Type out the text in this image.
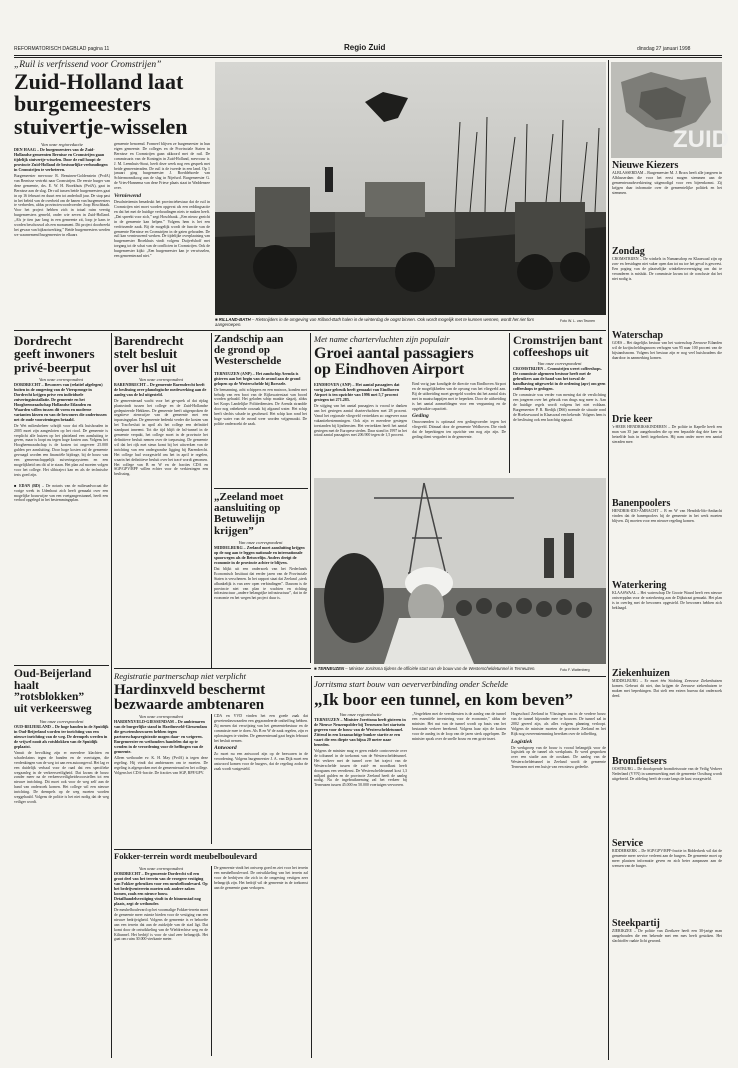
REFORMATORISCH DAGBLAD pagina 11	Regio Zuid	dinsdag 27 januari 1998
„Ruil is verfrissend voor Cromstrijen”
Zuid-Holland laat
burgemeesters
stuivertje-wisselen
Van onze regioredactie

DEN HAAG – De burgemeesters van de Zuid-Hollandse gemeenten Bernisse en Cromstrijen gaan tijdelijk stuivertje-wisselen. Door de ruil hoopt de provincie Zuid-Holland de bestuurlijke verhoudingen in Cromstrijen te verbeteren.

Burgemeester mevrouw R. Bezuinen-Goldenstein (PvdA) van Bernisse vertrekt naar Cromstrijen. De eerste burger van deze gemeente, drs. E. W. H. Broekhuis (PvdA), gaat in Bernisse aan de slag. De ruil tussen beide burgemeesters gaat in op 16 februari en duurt een tot anderhalf jaar. De stap past in het beleid van de overheid om de banen van burgemeesters te verbreden, aldus provinciewoordvoerder Joop Hoschbaak. Voor het project hebben zich in totaal ruim veertig burgemeesters gemeld, onder wie zeven in Zuid-Holland. „Als je tien jaar lang in een gemeente zit, loop je kans te worden beschouwd als een monument. Dit project doorbreekt het gevaar van bijknotwerking.” Beide burgemeesters werden we waarnemend burgemeester in elkaars

gemeente benoemd. Formeel blijven ze burgemeester in hun eigen gemeente. De colleges en de Provinciale Staten in Bernisse en Cromstrijen gaan akkoord met de ruil. De commissaris van de Koningin in Zuid-Holland, mevrouw ir. J. M. Leemhuis-Stout, heeft deze week nog een gesprek met beide gemeenteraden. De ruil is de tweede in een land. Op 1 januari ging burgemeester J. Boeddehoede van Schiermonnikoog aan de slag in Nijefurd. Burgemeester G. de Vries-Hannema van deze Friese plaats staat in Waddenzee over.

Verniewend

Desalniettemin benadrukt het provinciebestuur dat de ruil in Cromstrijen niet moet worden opgevat als een reddingsactie en dat het met de huidige verhoudingen niets te maken heeft. „Dat spreekt voor zich,” zegt Hoschbaak. „Een nieuw gezicht in de gemeente kan helpen.” Volgens hem is het een verfrissende zaak. Bij de mogelijk wordt de functie van de gemeente Bernisse en Cromstrijen in de gaten gehouden. De ruil kan vernieuwend werken. De tijdelijke overplaatsing van burgemeester Broekhuis vindt volgens Duijvelshoff met toegang tot de schat van de conflicten in Cromstrijen. Ook de burgemeester kijkt: „Een burgemeester kan je verwisselen, een gemeenteraad niet.”

■ RILLAND-BATH – Rietsnijders in de omgeving van Rilland-Bath halen in de winterdag de oogst binnen. Ook wordt mogelijk met te kunnen wennen, wordt het riet fors aangeroepen.
Foto W. L. van Teunen
ZUID
Nieuwe Kiezers

ALBLASSERDAM – Burgemeester M. J. Broos heeft alle jongeren in Alblasserdam die voor het eerst mogen stemmen aan de gemeenteraadsverkiezing uitgenodigd voor een bijeenkomst. Zij krijgen daar informatie over de gemeentelijke politiek en het stemmen.

Zondag

CROMSTRIJEN – De winkels in Numansdorp en Klaaswaal zijn op zon- en feestdagen niet vaker open dan tot nu toe het geval is geweest. Een poging van de plaatselijke winkeliersvereniging om dat te veranderen is mislukt. De commissie kwam tot de conclusie dat het niet nodig is.

Waterschap

GOES – Het dagelijks bestuur van het waterschap Zeeuwse Eilanden wil de kwijtscheldingsnorm verhogen van 95 naar 100 procent van de bijstandsnorm. Volgens het bestuur zijn er nog veel huishoudens die daardoor in aanmerking komen.

Drie keer

's-HEER HENDRIKSKINDEREN – De politie in Kapelle heeft een man van 35 jaar aangehouden die op een bepaalde dag drie keer in hetzelfde huis in heeft ingebroken. Hij nam onder meer een aantal sieraden mee.

Banenpoolers

HENDRIK-IDO-AMBACHT – B en W van Hendrik-Ido-Ambacht vinden dat de banenpoolers hij de gemeente in het werk moeten blijven. Zij moeten voor een nieuwe regeling komen.

Waterkering

KLAASWAAL – Het waterschap De Groote Waard heeft een nieuwe ontwerpplan voor de waterkering aan de Dijkstraat gemaakt. Het plan is in overleg met de bewoners opgesteld. De bewoners hebben zich beklaagd.

Ziekenhuizen

MIDDELBURG – Er moet één Stichting Zeeuwse Ziekenhuizen komen. Gebeurt dit niet, dan krijgen de Zeeuwse ziekenhuizen te maken met beperkingen. Dat stelt een extern bureau dat onderzoek deed.

Bromfietsers

OOSTBURG – De doorlopende bromfietsroute van de Veilig Verkeer Nederland (VVN) in samenwerking met de gemeente Oostburg wordt uitgebreid. De afdeling heeft de route langs de kust voorgesteld.

Service

RIDDERKERK – De SGP/GPV/RPF-fractie in Ridderkerk wil dat de gemeente meer service verleent aan de burgers. De gemeente moet op meer plaatsen informatie geven en zich beter aanpassen aan de wensen van de burger.

Steekpartij

ZIERIKZEE – De politie van Zierikzee heeft een 30-jarige man aangehouden die een bekende met een mes heeft gestoken. Het slachtoffer raakte licht gewond.

Dordrecht
geeft inwoners
privé-beerput
Van onze correspondent

DORDRECHT – Bewoners van (relatief afgelegen) buiten in de omgeving van de Vierspronge in Dordrecht krijgen prive een individuele zuiveringsinstallatie. De gemeente en het Hoogheemraadschap Hollandse Eilanden en Waarden willen tussen dit vorm en moderne varianten kiezen en van de bewoners die ondertussen net de oude voorzieningen betaald.

De Wet milieubeheer schrijft voor dat elk huishouden in 2005 moet zijn aangesloten op het riool. De gemeente is verplicht alle huizen op het platteland een aansluiting te geven, maar is loopt nu tegen hoge kosten aan. Volgens het Hoogheemraadschap is de kosten tot ongeveer 25.000 gulden per aansluiting. Door hoge kosten zal de gemeente gevraagd worden een financiële bijdrage, bij de bouw van een gemeenschappelijk zuiveringssysteem en een mogelijkheid om dit af te staan. Het plan zal moeten volgen voor het college. Het slibtraject kan en als de technische tests goed zijn.

■ EDAN (RD) – De notaris van de milieuadvocaat die vorige week in Udenhout zich heeft gemaakt over een mogelijke bouwwijze van een voetgangerstunnel, heeft een verbod opgelegd in het bestemmingsplan.

Barendrecht
stelt besluit
over hsl uit
Van onze correspondent

BARENDRECHT – De gemeente Barendrecht heeft de beslissing over planologische medewerking aan de aanleg van de hsl uitgesteld.

De gemeenteraad wacht voor het ge-sprek af dat rijdag plaatsvindt tussen het college en de Zuid-Hollandse gedeputeerde Hekkens. De gemeente heeft uitgesproken de negatieve zienswijze van de gemeente met een inpassingsplan. De gemeente bedenkt verder die kosten van het Trac/besluit in april als het college een definitief standpunt inneemt. Tot die tijd blijft de hsl-tunnel in de gemeente verpakt, het college moet in de provincie het definitieve besluit nemen over de toepassing. De gemeente wil dat het rijk met steun komt bij het uitwerken van de inrichting van een ondergrondse ligging bij Barendrecht. Het college had voorgesteld om het in april te regelen, waarin het definitieve besluit over het tracé wordt genomen. Het college van B en W en de fracties CDA en SGP/GPV/RPF willen echter voor de verkiezingen een beslissing.

Zandschip aan
de grond op
Westerschelde

TERNEUZEN (ANP) – Het zandschip Arenda is gisteren aan het begin van de avond aan de grond gelopen op de Westerschelde bij Borssele.

De bemanning, acht schippers en een matroos, konden met behulp van een boot van de Rijkswaterstaat van boord worden gehaald. Het geladen schip maakte slagzij, aldus het Korps Landelijke Politiediensten. De Arenda strandde door nog onbekende oorzaak bij afgaand water. Het schip heeft slechts schade in gescheurd. Het schip kon rond het hoge water van de avond weer worden vrijgemaakt. De politie onderzoekt de zaak.

„Zeeland moet
aansluiting op
Betuwelijn krijgen”
Van onze correspondent

MIDDELBURG – Zeeland moet aansluiting krijgen op de nog aan te leggen nationale en internationale spoorwegen als de Betuwelijn. Anders dreigt de economie in de provincie achter te blijven.

Dat blijkt uit een onderzoek van het Nederlands Economisch Instituut dat eerder jaren van de Provinciale Staten is verschenen. In het rapport staat dat Zeeland „sterk afhankelijk is van zeer open verbindingen”. Daarom is de provincie niet van plan te wachten en richting infrastructuur „andere belangrijke infrastructuur”, dat in de economie en het wegen het project duur is.

Met name chartervluchten zijn populair
Groei aantal passagiers
op Eindhoven Airport

EINDHOVEN (ANP) – Het aantal passagiers dat vorig jaar gebruik heeft gemaakt van Eindhoven Airport is ten opzichte van 1996 met 5,7 procent gestegen tot 271.285.

De stijging van het aantal passagiers is vooral te danken aan het gestegen aantal chartervluchten met 28 procent. Vanaf het regionale vliegveld vertrekken zo ongeveer naar vakantiebestemmingen. Ook zijn er meerdere gestegen toestanden bij lijndiensten. Het vertrekken heeft het aantal gestegen met de Europese steden. Daar stond in 1997 in het totaal aantal passagiers met 206.900 tegen de 1,5 procent.

Eind vorig jaar kondigde de directie van Eindhoven Airport en de mogelijkheden van de opvang van het vliegveld aan. Bij de uitbreiding moet geregeld worden dat het aantal slots met in maatschappijen met te beperken. Door de uitbreiding is het aantal aanmeldingen voor een vergunning en de opgebruikte capaciteit.

Geding

Omwonenden is optimaal een gedingvoerder tegen het vliegveld. Ditmaal door de gemeente Veldhoven. Die vindt dat de beperkingen ten opzichte van nog zijn zijn. De geding dient vergadert in de gemeente.

Cromstrijen bant
coffeeshops uit
Van onze correspondent

CROMSTRIJEN – Cromstrijen weert coffeeshops. De commissie algemeen bestuur heeft met de gebruikers aan de hand van het toeval de handhaving uitgewerkt in de ordening (apv) om geen coffeeshops te gedogen.

De commissie was verder van mening dat de verslichting een jongeren over het gebruik van drugs nog meer is. Aan de huidige regels wordt volgens het niet voldaan. Burgemeester P. R. Riedijk (D66) noemde de situatie rond de Hoeksewaard in Klaaswaal een bekende. Volgens hem is de beslissing ook een krachtig signaal.

■ TERNEUZEN – Minister Jorritsma tijdens de officiële start van de bouw van de Westerscheldetunnel in Terneuzen.	Foto F. Wattenberg
Oud-Beijerland
haalt ”rotsblokken”
uit verkeersweg
Van onze correspondent

OUD-BEIJERLAND – De hoge banden in de Spuidijk in Oud-Beijerland worden ter inrichting van een nieuwe inrichting van de weg. De drempels werden in de vrijwel nooit als rotsblokken van de Spuidijk geplaatst.

Vanuit de bevolking zijn er meerdere klachten en schadeclaims tegen de banden en de voertuigen, die verdenkingen van de weg tot aan een autoongeval. Het lag er een duidelijk verhaal voor de raad dat een specifieke wegaanleg in de verkeersveiligheid. Dat kwam de bouw zonder meer na de verkeersveiligheidsvoorstellen tot een nieuwe inrichting. Dit moet ook voor de weg zelf aan de hand van onderzoek komen. Het college wil een nieuwe inrichting. De drempels op de weg moeten worden weggehaald. Volgens de politie is het niet nodig dat de weg veiliger wordt.

Registratie partnerschap niet verplicht
Hardinxveld beschermt
bezwaarde ambtenaren
Van onze correspondent

HARDINXVELD-GIESSENDAM – De ambtenaren van de burgerlijke stand in Hardinxveld-Giessendam die gewetensbezwaren hebben tegen partnerschapsregistratie mogen daar- en weigeren. Burgemeester en wethouders handelen dat op te wenden in de verordening voor de heffingen van de gemeente.

Alleen wethouder ev. K. H. May (PvdA) is tegen deze regeling. Hij vindt dat ambtenaren om te moeten. De regeling is afgesproken met de gemeenteraad en het college. Volgens het CDA-fractie. De fracties van SGP, RPF/GPV.

CDA en VVD vinden het een goede zaak dat gewetensbezwaarden een gegarandeerde ontheffing hebben. Zij menen dat verwijzing van het gemeentebestuur en de commissie mee te doen. Als B en W de zaak regelen, zijn er oplossingen te vinden. De gemeenteraad gaat begin februari het besluit nemen.

Antwoord

Zo moet nu een antwoord zijn op de bezwaren in de verordening. Volgens burgemeester J. A. van Dijk moet een antwoord komen voor de burgers, dat de regeling zodra de zaak wordt vastgesteld.

Fokker-terrein wordt meubelboulevard
Van onze correspondent

DORDRECHT – De gemeente Dordrecht wil een groot deel van het terrein van de vroegere vestiging van Fokker gebruiken voor een meubelboulevard. Op het bedrijventerrein moeten ook andere zaken komen, zoals een nieuwe bouw. Detailhandelsvestiging vindt in de binnenstad nog plaats, zegt de wethouder.

De meubelboulevard op het voormalige Fokker-terrein moet de gemeente meer ruimte bieden voor de vestiging van een nieuwe bedrijvigheid. Volgens de gemeente is er behoefte aan een terrein dat aan de zuidzijde van de stad ligt. Dat komt door de ontwikkeling van de Wieldrechtse weg en de Kiltunnel. Het bedrijf is voor de stad zeer belangrijk. Het gaat om ruim 30.000 vierkante meter.

De gemeente vindt het ontwerp goed en ziet voor het terrein een meubelboulevard. De ontwikkeling van het terrein zal voor de bedrijven die zich in de omgeving vestigen zeer belangrijk zijn. Het bedrijf wil de gemeente in de toekomst aan de gemeente gaan verkopen.

Jorritsma start bouw van oeververbinding onder Schelde
„Ik boor een tunnel, en kom beven”
Van onze regioredactie

TERNEUZEN – Minister Jorritsma heeft gisteren in de Nieuwe Neuzenpolder bij Terneuzen het startsein gegeven voor de bouw van de Westerscheldetunnel. Zittend in een kraanachtige bunker startte ze een vaart die een diepte van bijna 20 meter naar beneden.

Volgens de minister mag er geen enkele controversie over de toltunnel in de toekomst van de Westerscheldetunnel. Het verkeer met de tunnel over het traject van de Westerschelde tussen de zuid- en noordkust heeft doorgaans een veerdienst. De Westerscheldetunnel kost 1,3 miljard gulden en de provincie Zeeland heeft de aanleg nodig. Na de ingebruikneming zal het verkeer bij Terneuzen tussen 45.000 en 50.000 voertuigen vervoeren.

„Vergeleken met de veerdiensten is de aanleg van de tunnel een essentiële investering voor de economie,” aldus de minister. Het nut van de tunnel wordt op basis van het bestaande verkeer berekend. Volgens haar zijn de kosten voor de aanleg in de loop van de jaren sterk opgelopen. De minister sprak over de snelle bouw en een grote inzet.

Hogeschool Zeeland in Vlissingen om in de verdere bouw van de tunnel bijzonder mee te bouwen. De tunnel zal in 2002 gereed zijn, als alles volgens planning verloopt. Volgens de minister moeten de provincie Zeeland en het Rijk nog overeenstemming bereiken over de tolheffing.

Logistiek

De werkgroep van de bouw is vooral belangrijk voor de logistiek op de tunnel als werkplaats. Er werd gesproken over een studie aan de oostkant. De aanleg van de Westerscheldetunnel in Zeeland wordt de gemeente Terneuzen met een huisje van een nieuw gedeelte.
